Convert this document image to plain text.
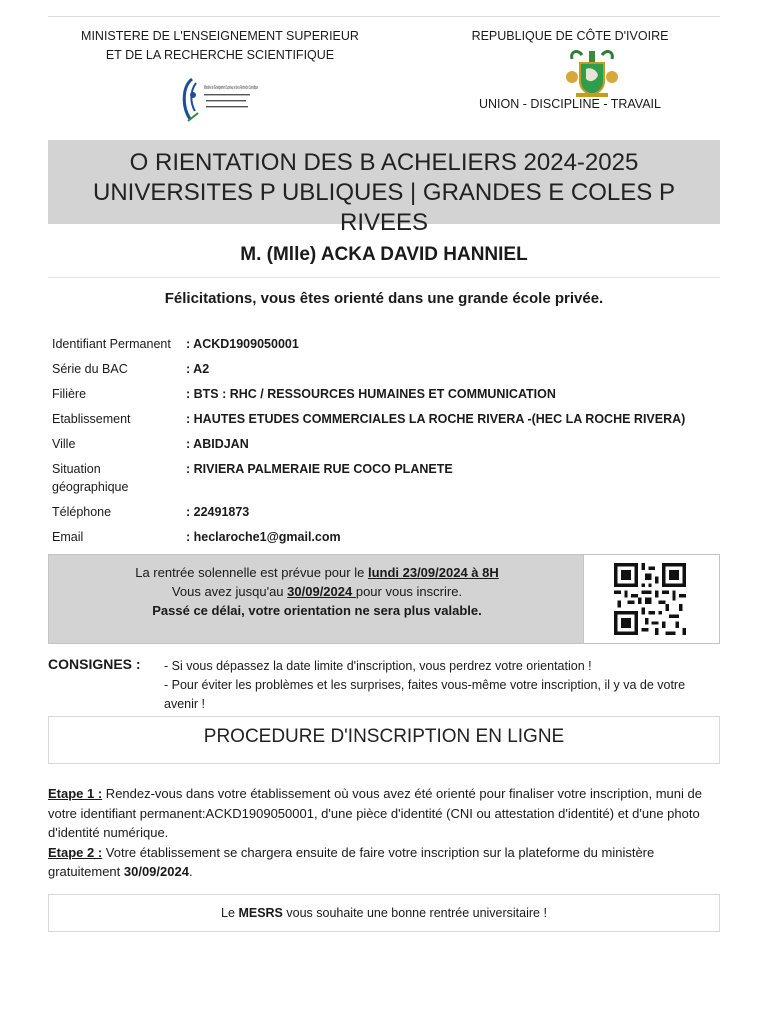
MINISTERE DE L'ENSEIGNEMENT SUPERIEUR
ET DE LA RECHERCHE SCIENTIFIQUE
Ministère de l'Enseignement Supérieur et de la Recherche Scientifique
REPUBLIQUE DE CÔTE D'IVOIRE
UNION - DISCIPLINE - TRAVAIL
O RIENTATION DES B ACHELIERS 2024-2025
UNIVERSITES P UBLIQUES | GRANDES E COLES P RIVEES
M. (Mlle) ACKA DAVID HANNIEL
Félicitations, vous êtes orienté dans une grande école privée.
Identifiant Permanent	: ACKD1909050001
Série du BAC	: A2
Filière	: BTS : RHC / RESSOURCES HUMAINES ET COMMUNICATION
Etablissement	: HAUTES ETUDES COMMERCIALES LA ROCHE RIVERA -(HEC LA ROCHE RIVERA)
Ville	: ABIDJAN
Situation géographique	: RIVIERA PALMERAIE RUE COCO PLANETE
Téléphone	: 22491873
Email	: heclaroche1@gmail.com
La rentrée solennelle est prévue pour le lundi 23/09/2024 à 8H
Vous avez jusqu'au 30/09/2024 pour vous inscrire.
Passé ce délai, votre orientation ne sera plus valable.
CONSIGNES : - Si vous dépassez la date limite d'inscription, vous perdrez votre orientation !
- Pour éviter les problèmes et les surprises, faites vous-même votre inscription, il y va de votre avenir !
PROCEDURE D'INSCRIPTION EN LIGNE
Etape 1 : Rendez-vous dans votre établissement où vous avez été orienté pour finaliser votre inscription, muni de votre identifiant permanent:ACKD1909050001, d'une pièce d'identité (CNI ou attestation d'identité) et d'une photo d'identité numérique.
Etape 2 : Votre établissement se chargera ensuite de faire votre inscription sur la plateforme du ministère gratuitement 30/09/2024.
Le MESRS vous souhaite une bonne rentrée universitaire !
